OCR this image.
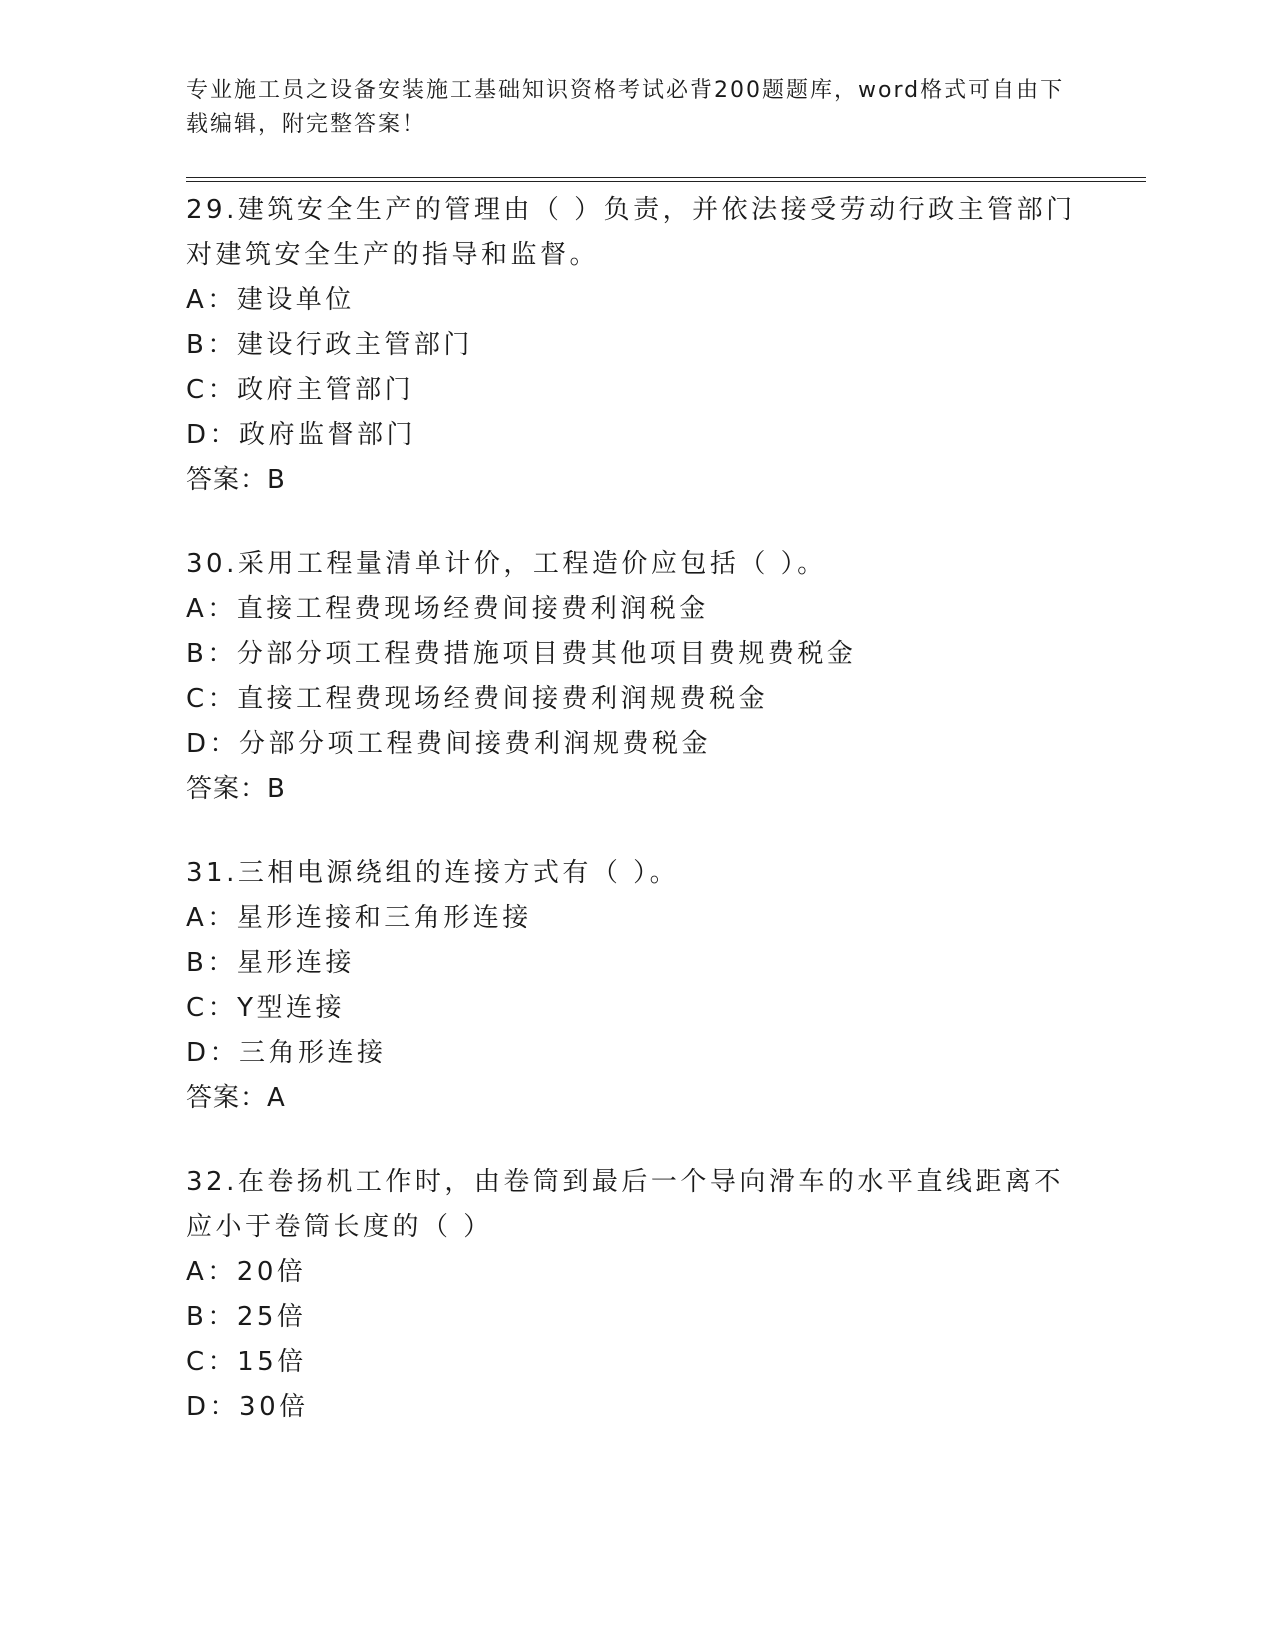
专业施工员之设备安装施工基础知识资格考试必背200题题库，word格式可自由下载编辑，附完整答案！
29.建筑安全生产的管理由（ ）负责，并依法接受劳动行政主管部门对建筑安全生产的指导和监督。
A：建设单位
B：建设行政主管部门
C：政府主管部门
D：政府监督部门
答案：B
30.采用工程量清单计价，工程造价应包括（ ）。
A：直接工程费现场经费间接费利润税金
B：分部分项工程费措施项目费其他项目费规费税金
C：直接工程费现场经费间接费利润规费税金
D：分部分项工程费间接费利润规费税金
答案：B
31.三相电源绕组的连接方式有（ ）。
A：星形连接和三角形连接
B：星形连接
C：Y型连接
D：三角形连接
答案：A
32.在卷扬机工作时，由卷筒到最后一个导向滑车的水平直线距离不应小于卷筒长度的（ ）
A：20倍
B：25倍
C：15倍
D：30倍
